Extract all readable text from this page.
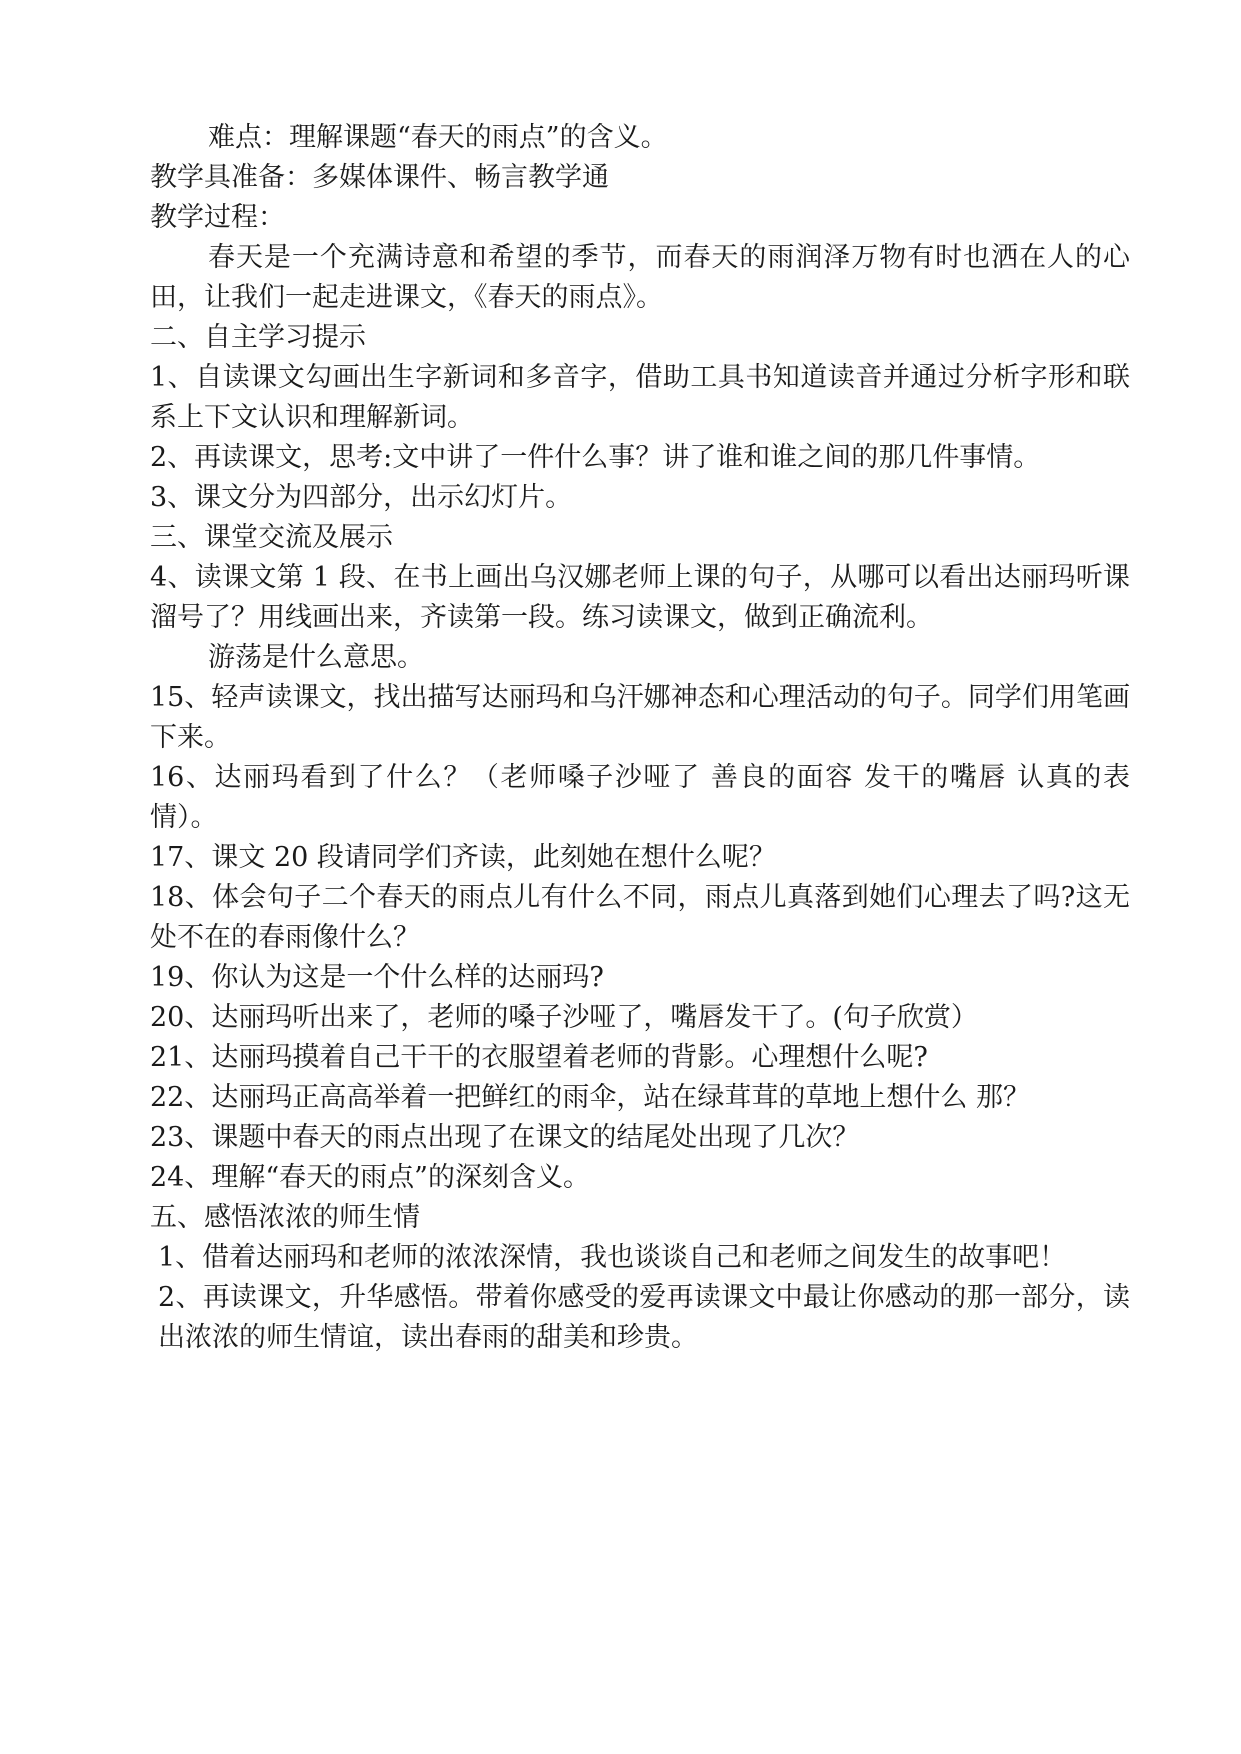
难点：理解课题“春天的雨点”的含义。

教学具准备：多媒体课件、畅言教学通

教学过程：

春天是一个充满诗意和希望的季节，而春天的雨润泽万物有时也洒在人的心田，让我们一起走进课文，《春天的雨点》。

二、自主学习提示

1、自读课文勾画出生字新词和多音字，借助工具书知道读音并通过分析字形和联系上下文认识和理解新词。

2、再读课文，思考:文中讲了一件什么事？讲了谁和谁之间的那几件事情。

3、课文分为四部分，出示幻灯片。

三、课堂交流及展示

4、读课文第 1 段、在书上画出乌汉娜老师上课的句子，从哪可以看出达丽玛听课溜号了？用线画出来，齐读第一段。练习读课文，做到正确流利。

游荡是什么意思。

15、轻声读课文，找出描写达丽玛和乌汗娜神态和心理活动的句子。同学们用笔画下来。

16、达丽玛看到了什么？（老师嗓子沙哑了 善良的面容 发干的嘴唇 认真的表情）。

17、课文 20 段请同学们齐读，此刻她在想什么呢？

18、体会句子二个春天的雨点儿有什么不同，雨点儿真落到她们心理去了吗?这无处不在的春雨像什么？

19、你认为这是一个什么样的达丽玛?

20、达丽玛听出来了，老师的嗓子沙哑了，嘴唇发干了。(句子欣赏）

21、达丽玛摸着自己干干的衣服望着老师的背影。心理想什么呢?

22、达丽玛正高高举着一把鲜红的雨伞，站在绿茸茸的草地上想什么 那？

23、课题中春天的雨点出现了在课文的结尾处出现了几次？

24、理解“春天的雨点”的深刻含义。

五、感悟浓浓的师生情

1、借着达丽玛和老师的浓浓深情，我也谈谈自己和老师之间发生的故事吧！

2、再读课文，升华感悟。带着你感受的爱再读课文中最让你感动的那一部分，读出浓浓的师生情谊，读出春雨的甜美和珍贵。
